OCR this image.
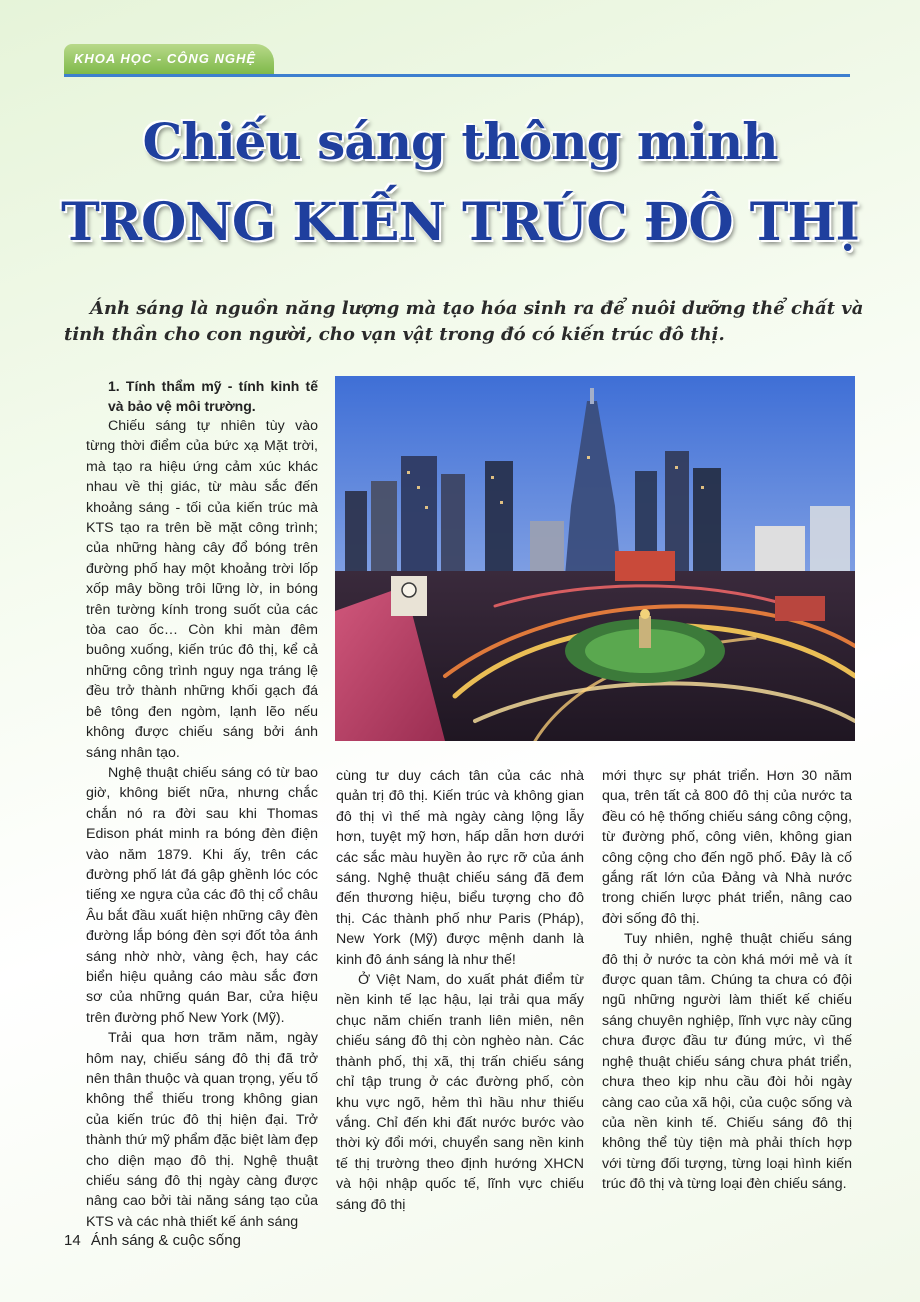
KHOA HỌC - CÔNG NGHỆ
Chiếu sáng thông minh
TRONG KIẾN TRÚC ĐÔ THỊ

Ánh sáng là nguồn năng lượng mà tạo hóa sinh ra để nuôi dưỡng thể chất và tinh thần cho con người, cho vạn vật trong đó có kiến trúc đô thị.

1. Tính thẩm mỹ - tính kinh tế và bảo vệ môi trường.

Chiếu sáng tự nhiên tùy vào từng thời điểm của bức xạ Mặt trời, mà tạo ra hiệu ứng cảm xúc khác nhau về thị giác, từ màu sắc đến khoảng sáng - tối của kiến trúc mà KTS tạo ra trên bề mặt công trình; của những hàng cây đổ bóng trên đường phố hay một khoảng trời lốp xốp mây bồng trôi lững lờ, in bóng trên tường kính trong suốt của các tòa cao ốc… Còn khi màn đêm buông xuống, kiến trúc đô thị, kể cả những công trình nguy nga tráng lệ đều trở thành những khối gạch đá bê tông đen ngòm, lạnh lẽo nếu không được chiếu sáng bởi ánh sáng nhân tạo.

Nghệ thuật chiếu sáng có từ bao giờ, không biết nữa, nhưng chắc chắn nó ra đời sau khi Thomas Edison phát minh ra bóng đèn điện vào năm 1879. Khi ấy, trên các đường phố lát đá gập ghềnh lóc cóc tiếng xe ngựa của các đô thị cổ châu Âu bắt đầu xuất hiện những cây đèn đường lắp bóng đèn sợi đốt tỏa ánh sáng nhờ nhờ, vàng ệch, hay các biển hiệu quảng cáo màu sắc đơn sơ của những quán Bar, cửa hiệu trên đường phố New York (Mỹ).

Trải qua hơn trăm năm, ngày hôm nay, chiếu sáng đô thị đã trở nên thân thuộc và quan trọng, yếu tố không thể thiếu trong không gian của kiến trúc đô thị hiện đại. Trở thành thứ mỹ phẩm đặc biệt làm đẹp cho diện mạo đô thị. Nghệ thuật chiếu sáng đô thị ngày càng được nâng cao bởi tài năng sáng tạo của KTS và các nhà thiết kế ánh sáng

cùng tư duy cách tân của các nhà quản trị đô thị. Kiến trúc và không gian đô thị vì thế mà ngày càng lộng lẫy hơn, tuyệt mỹ hơn, hấp dẫn hơn dưới các sắc màu huyền ảo rực rỡ của ánh sáng. Nghệ thuật chiếu sáng đã đem đến thương hiệu, biểu tượng cho đô thị. Các thành phố như Paris (Pháp), New York (Mỹ) được mệnh danh là kinh đô ánh sáng là như thế!

Ở Việt Nam, do xuất phát điểm từ nền kinh tế lạc hậu, lại trải qua mấy chục năm chiến tranh liên miên, nên chiếu sáng đô thị còn nghèo nàn. Các thành phố, thị xã, thị trấn chiếu sáng chỉ tập trung ở các đường phố, còn khu vực ngõ, hẻm thì hầu như thiếu vắng. Chỉ đến khi đất nước bước vào thời kỳ đổi mới, chuyển sang nền kinh tế thị trường theo định hướng XHCN và hội nhập quốc tế, lĩnh vực chiếu sáng đô thị

mới thực sự phát triển. Hơn 30 năm qua, trên tất cả 800 đô thị của nước ta đều có hệ thống chiếu sáng công cộng, từ đường phố, công viên, không gian công cộng cho đến ngõ phố. Đây là cố gắng rất lớn của Đảng và Nhà nước trong chiến lược phát triển, nâng cao đời sống đô thị.

Tuy nhiên, nghệ thuật chiếu sáng đô thị ở nước ta còn khá mới mẻ và ít được quan tâm. Chúng ta chưa có đội ngũ những người làm thiết kế chiếu sáng chuyên nghiệp, lĩnh vực này cũng chưa được đầu tư đúng mức, vì thế nghệ thuật chiếu sáng chưa phát triển, chưa theo kịp nhu cầu đòi hỏi ngày càng cao của xã hội, của cuộc sống và của nền kinh tế. Chiếu sáng đô thị không thể tùy tiện mà phải thích hợp với từng đối tượng, từng loại hình kiến trúc đô thị và từng loại đèn chiếu sáng.

14 Ánh sáng & cuộc sống
